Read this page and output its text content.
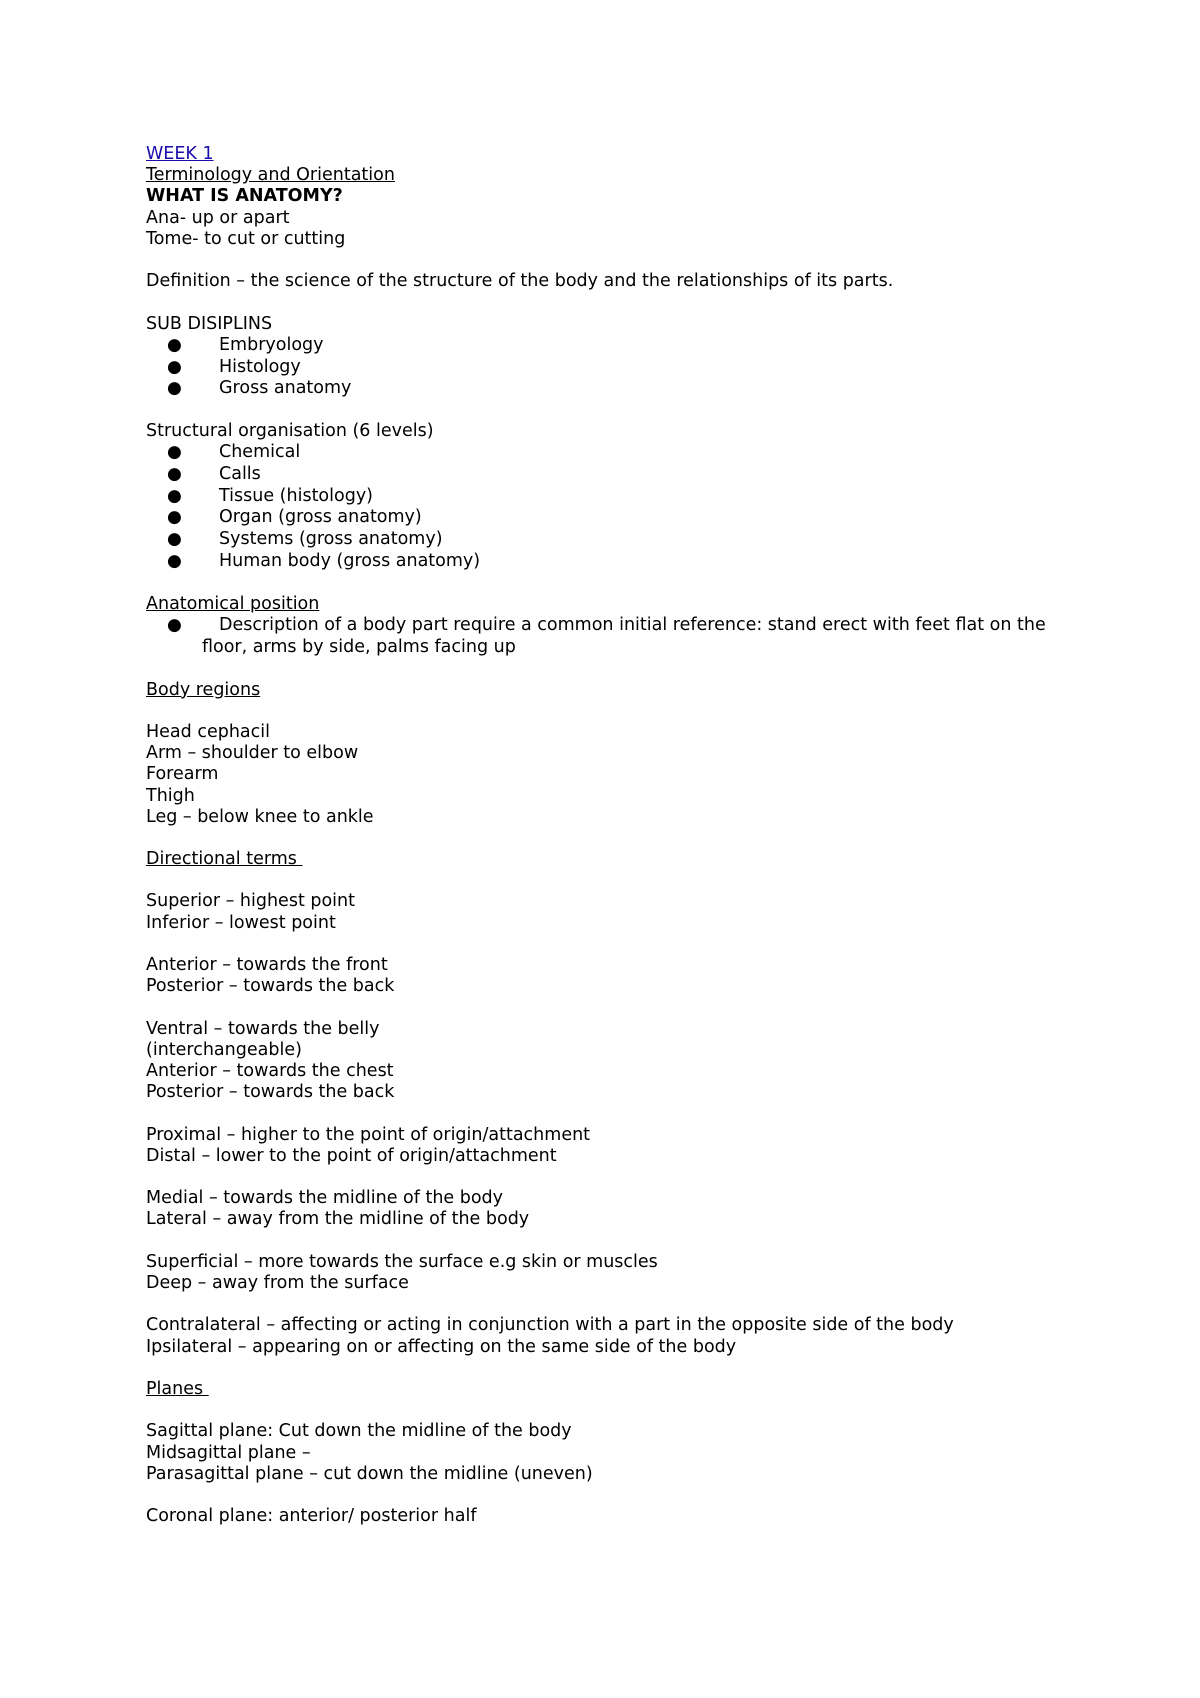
WEEK 1
Terminology and Orientation
WHAT IS ANATOMY?
Ana- up or apart
Tome- to cut or cutting
Definition – the science of the structure of the body and the relationships of its parts.
SUB DISIPLINS
● Embryology
● Histology
● Gross anatomy
Structural organisation (6 levels)
● Chemical
● Calls
● Tissue (histology)
● Organ (gross anatomy)
● Systems (gross anatomy)
● Human body (gross anatomy)
Anatomical position
● Description of a body part require a common initial reference: stand erect with feet flat on the floor, arms by side, palms facing up
Body regions
Head cephacil
Arm – shoulder to elbow
Forearm
Thigh
Leg – below knee to ankle
Directional terms
Superior – highest point
Inferior – lowest point
Anterior – towards the front
Posterior – towards the back
Ventral – towards the belly
(interchangeable)
Anterior – towards the chest
Posterior – towards the back
Proximal – higher to the point of origin/attachment
Distal – lower to the point of origin/attachment
Medial – towards the midline of the body
Lateral – away from the midline of the body
Superficial – more towards the surface e.g skin or muscles
Deep – away from the surface
Contralateral – affecting or acting in conjunction with a part in the opposite side of the body
Ipsilateral – appearing on or affecting on the same side of the body
Planes
Sagittal plane: Cut down the midline of the body
Midsagittal plane –
Parasagittal plane – cut down the midline (uneven)
Coronal plane: anterior/ posterior half
